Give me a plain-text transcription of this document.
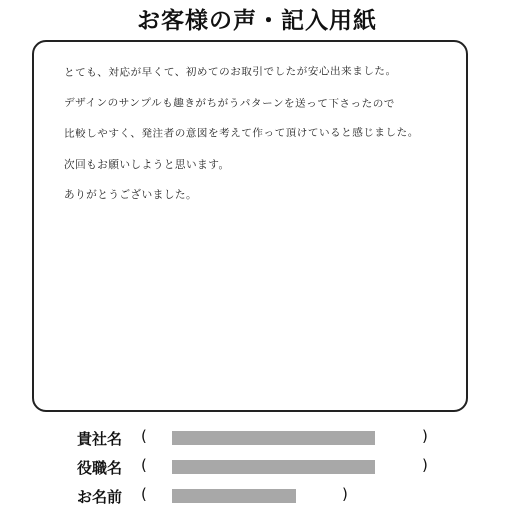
お客様の声・記入用紙
とても、対応が早くて、初めてのお取引でしたが安心出来ました。
デザインのサンプルも趣きがちがうパターンを送って下さったので
比較しやすく、発注者の意図を考えて作って頂けていると感じました。
次回もお願いしようと思います。
ありがとうございました。
貴社名 (	)
役職名 (	)
お名前 (	)
